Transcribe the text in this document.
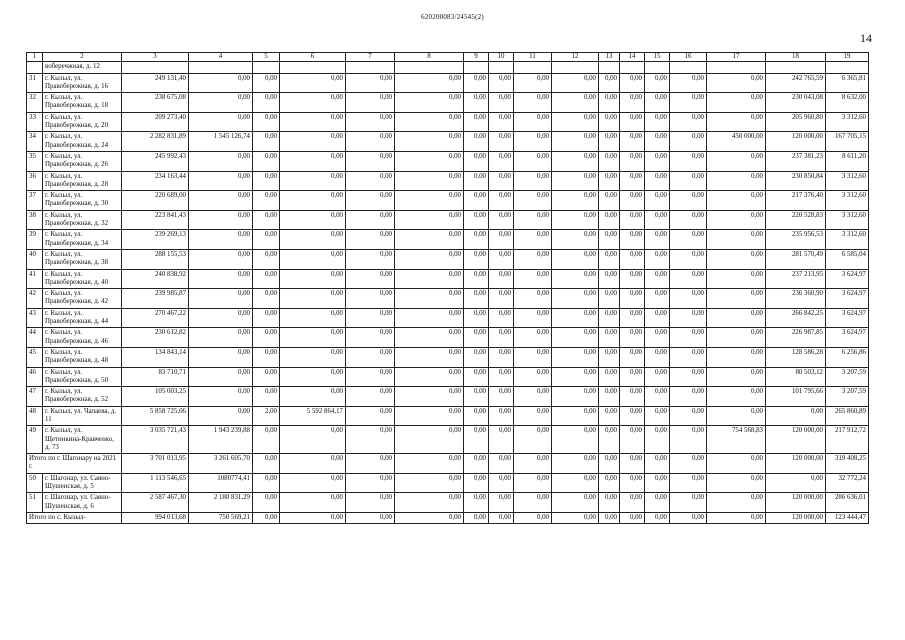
620200083/24545(2)
14
1	2	3	4	5	6	7	8	9	10	11	12	13	14	15	16	17	18	19
	воберечжная, д. 12																	
31	г. Кызыл, ул. Правобережная, д. 16	249 131,40	0,00	0,00	0,00	0,00	0,00	0,00	0,00	0,00	0,00	0,00	0,00	0,00	0,00	0,00	242 765,59	6 365,81
32	г. Кызыл, ул. Правобережная, д. 18	238 675,08	0,00	0,00	0,00	0,00	0,00	0,00	0,00	0,00	0,00	0,00	0,00	0,00	0,00	0,00	230 043,08	8 632,00
33	г. Кызыл, ул. Правобережная, д. 20	209 273,40	0,00	0,00	0,00	0,00	0,00	0,00	0,00	0,00	0,00	0,00	0,00	0,00	0,00	0,00	205 960,80	3 312,60
34	г. Кызыл, ул. Правобережная, д. 24	2 282 831,89	1 545 126,74	0,00	0,00	0,00	0,00	0,00	0,00	0,00	0,00	0,00	0,00	0,00	0,00	450 000,00	120 000,00	167 705,15
35	г. Кызыл, ул. Правобережная, д. 26	245 992,43	0,00	0,00	0,00	0,00	0,00	0,00	0,00	0,00	0,00	0,00	0,00	0,00	0,00	0,00	237 381,23	8 611,20
36	г. Кызыл, ул. Правобережная, д. 28	234 163,44	0,00	0,00	0,00	0,00	0,00	0,00	0,00	0,00	0,00	0,00	0,00	0,00	0,00	0,00	230 850,84	3 312,60
37	г. Кызыл, ул. Правобережная, д. 30	220 689,00	0,00	0,00	0,00	0,00	0,00	0,00	0,00	0,00	0,00	0,00	0,00	0,00	0,00	0,00	217 376,40	3 312,60
38	г. Кызыл, ул. Правобережная, д. 32	223 841,43	0,00	0,00	0,00	0,00	0,00	0,00	0,00	0,00	0,00	0,00	0,00	0,00	0,00	0,00	220 528,83	3 312,60
39	г. Кызыл, ул. Правобережная, д. 34	239 269,13	0,00	0,00	0,00	0,00	0,00	0,00	0,00	0,00	0,00	0,00	0,00	0,00	0,00	0,00	235 956,53	3 312,60
40	г. Кызыл, ул. Правобережная, д. 38	288 155,53	0,00	0,00	0,00	0,00	0,00	0,00	0,00	0,00	0,00	0,00	0,00	0,00	0,00	0,00	281 570,49	6 585,04
41	г. Кызыл, ул. Правобережная, д. 40	240 838,92	0,00	0,00	0,00	0,00	0,00	0,00	0,00	0,00	0,00	0,00	0,00	0,00	0,00	0,00	237 213,95	3 624,97
42	г. Кызыл, ул. Правобережная, д. 42	239 985,87	0,00	0,00	0,00	0,00	0,00	0,00	0,00	0,00	0,00	0,00	0,00	0,00	0,00	0,00	236 360,90	3 624,97
43	г. Кызыл, ул. Правобережная, д. 44	270 467,22	0,00	0,00	0,00	0,00	0,00	0,00	0,00	0,00	0,00	0,00	0,00	0,00	0,00	0,00	266 842,25	3 624,97
44	г. Кызыл, ул. Правобережная, д. 46	230 612,82	0,00	0,00	0,00	0,00	0,00	0,00	0,00	0,00	0,00	0,00	0,00	0,00	0,00	0,00	226 987,85	3 624,97
45	г. Кызыл, ул. Правобережная, д. 48	134 843,14	0,00	0,00	0,00	0,00	0,00	0,00	0,00	0,00	0,00	0,00	0,00	0,00	0,00	0,00	128 586,28	6 256,86
46	г. Кызыл, ул. Правобережная, д. 50	83 710,71	0,00	0,00	0,00	0,00	0,00	0,00	0,00	0,00	0,00	0,00	0,00	0,00	0,00	0,00	80 503,12	3 207,59
47	г. Кызыл, ул. Правобережная, д. 52	105 003,25	0,00	0,00	0,00	0,00	0,00	0,00	0,00	0,00	0,00	0,00	0,00	0,00	0,00	0,00	101 795,66	3 207,59
48	г. Кызыл, ул. Чапаева, д. 11	5 858 725,06	0,00	2,00	5 592 864,17	0,00	0,00	0,00	0,00	0,00	0,00	0,00	0,00	0,00	0,00	0,00	0,00	265 860,89
49	г. Кызыл, ул. Щетинкина-Кравченко, д. 73	3 035 721,43	1 943 239,88	0,00	0,00	0,00	0,00	0,00	0,00	0,00	0,00	0,00	0,00	0,00	0,00	754 568,83	120 000,00	217 912,72
Итого по г. Шагонару на 2021 г.		3 701 013,95	3 261 605,70	0,00	0,00	0,00	0,00	0,00	0,00	0,00	0,00	0,00	0,00	0,00	0,00	0,00	120 000,00	319 408,25
50	г. Шагонар, ул. Саяно-Шушенская, д. 5	1 113 546,65	1080774,41	0,00	0,00	0,00	0,00	0,00	0,00	0,00	0,00	0,00	0,00	0,00	0,00	0,00	0,00	32 772,24
51	г. Шагонар, ул. Саяно-Шушенская, д. 6	2 587 467,30	2 180 831,29	0,00	0,00	0,00	0,00	0,00	0,00	0,00	0,00	0,00	0,00	0,00	0,00	0,00	120 000,00	286 636,01
Итого по с. Кызыл-		994 013,68	750 569,21	0,00	0,00	0,00	0,00	0,00	0,00	0,00	0,00	0,00	0,00	0,00	0,00	0,00	120 000,00	123 444,47
